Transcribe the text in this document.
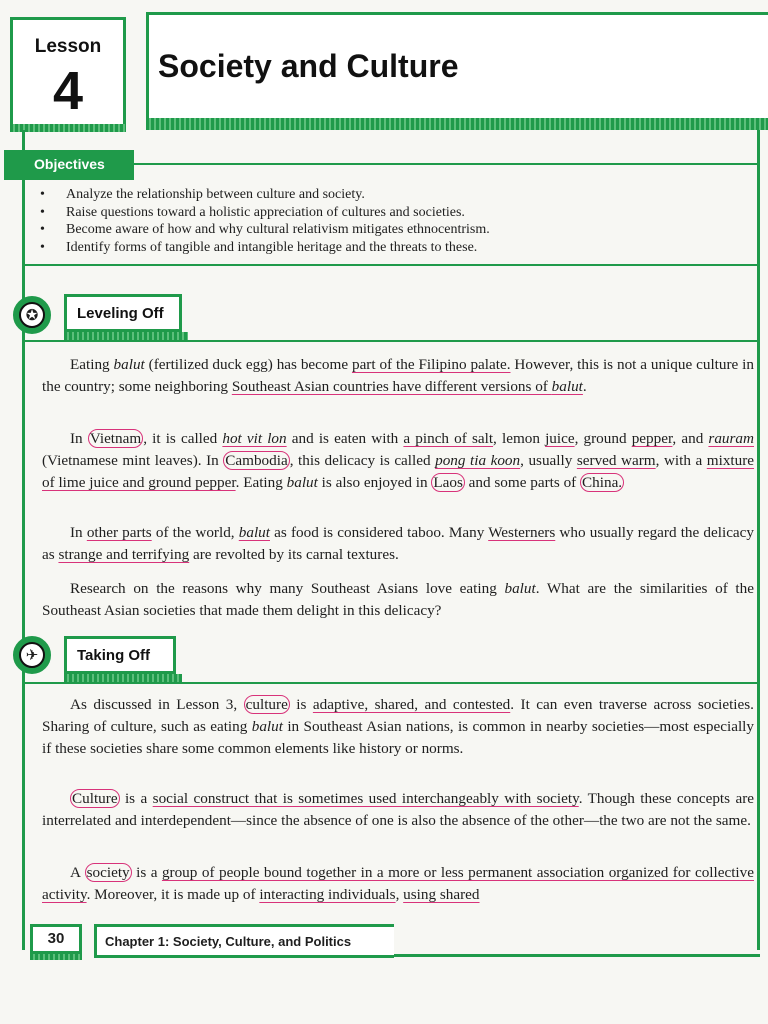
Lesson
4	Society and Culture
Objectives
• Analyze the relationship between culture and society.
• Raise questions toward a holistic appreciation of cultures and societies.
• Become aware of how and why cultural relativism mitigates ethnocentrism.
• Identify forms of tangible and intangible heritage and the threats to these.
✪	Leveling Off

Eating balut (fertilized duck egg) has become part of the Filipino palate. However, this is not a unique culture in the country; some neighboring Southeast Asian countries have different versions of balut.

In Vietnam , it is called hot vit lon and is eaten with a pinch of salt, lemon juice, ground pepper, and rauram (Vietnamese mint leaves). In Cambodia , this delicacy is called pong tia koon, usually served warm, with a mixture of lime juice and ground pepper. Eating balut is also enjoyed in Laos and some parts of China.

In other parts of the world, balut as food is considered taboo. Many Westerners who usually regard the delicacy as strange and terrifying are revolted by its carnal textures.

Research on the reasons why many Southeast Asians love eating balut. What are the similarities of the Southeast Asian societies that made them delight in this delicacy?

✈	Taking Off

As discussed in Lesson 3, culture is adaptive, shared, and contested. It can even traverse across societies. Sharing of culture, such as eating balut in Southeast Asian nations, is common in nearby societies—most especially if these societies share some common elements like history or norms.

Culture is a social construct that is sometimes used interchangeably with society. Though these concepts are interrelated and interdependent—since the absence of one is also the absence of the other—the two are not the same.

A society is a group of people bound together in a more or less permanent association organized for collective activity. Moreover, it is made up of interacting individuals, using shared

30	Chapter 1: Society, Culture, and Politics
